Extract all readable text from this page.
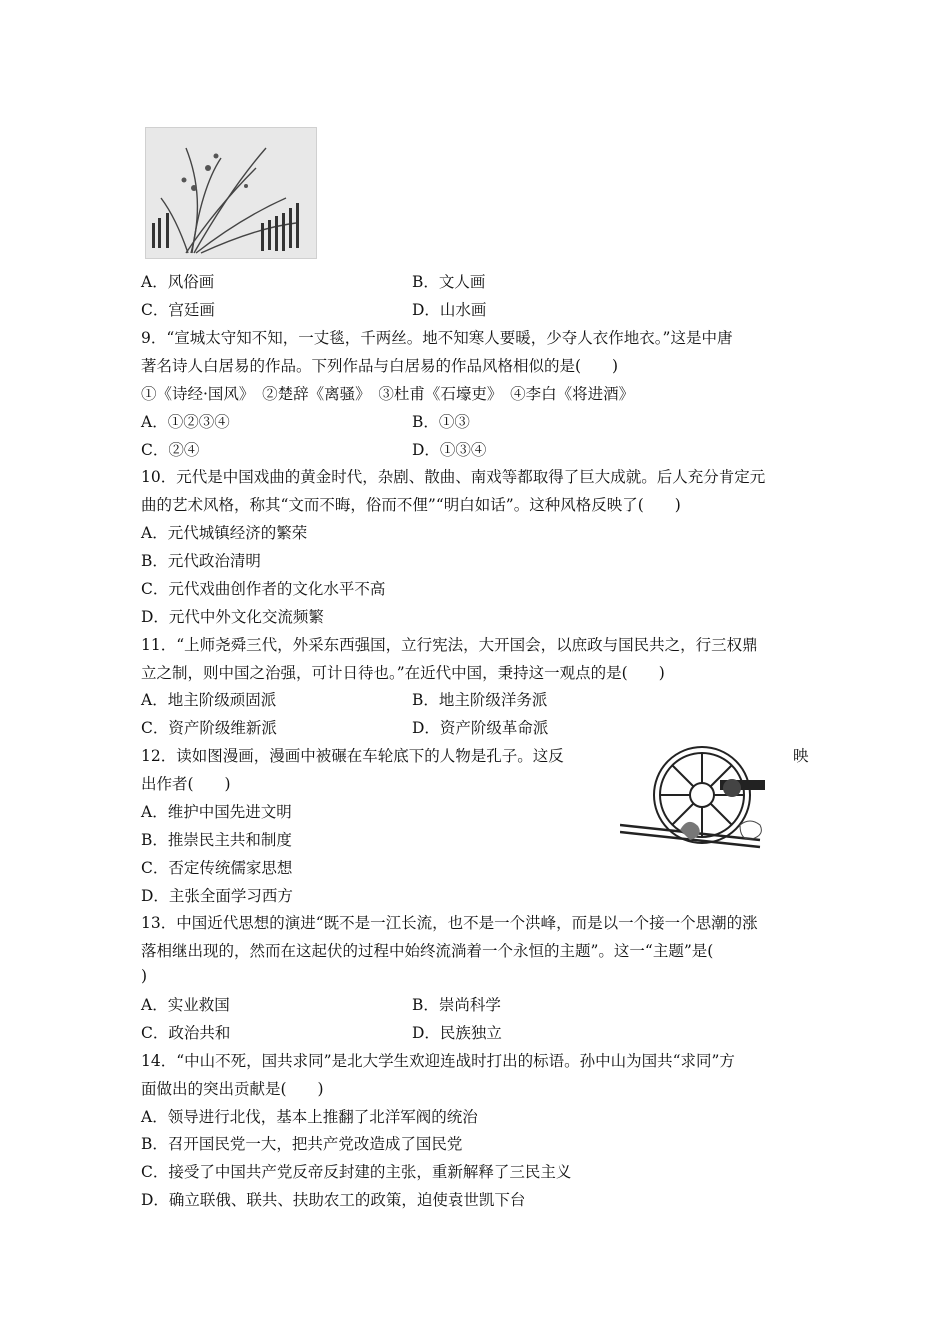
A．风俗画	B．文人画
C．宫廷画	D．山水画
9．“宣城太守知不知，一丈毯，千两丝。地不知寒人要暖，少夺人衣作地衣。”这是中唐
著名诗人白居易的作品。下列作品与白居易的作品风格相似的是(　　)
①《诗经·国风》　②楚辞《离骚》　③杜甫《石壕吏》　④李白《将进酒》
A．①②③④	B．①③
C．②④	D．①③④
10．元代是中国戏曲的黄金时代，杂剧、散曲、南戏等都取得了巨大成就。后人充分肯定元
曲的艺术风格，称其“文而不晦，俗而不俚”“明白如话”。这种风格反映了(　　)
A．元代城镇经济的繁荣
B．元代政治清明
C．元代戏曲创作者的文化水平不高
D．元代中外文化交流频繁
11．“上师尧舜三代，外采东西强国，立行宪法，大开国会，以庶政与国民共之，行三权鼎
立之制，则中国之治强，可计日待也。”在近代中国，秉持这一观点的是(　　)
A．地主阶级顽固派	B．地主阶级洋务派
C．资产阶级维新派	D．资产阶级革命派
12．读如图漫画，漫画中被碾在车轮底下的人物是孔子。这反	映
出作者(　　)
A．维护中国先进文明
B．推崇民主共和制度
C．否定传统儒家思想
D．主张全面学习西方
13．中国近代思想的演进“既不是一江长流，也不是一个洪峰，而是以一个接一个思潮的涨
落相继出现的，然而在这起伏的过程中始终流淌着一个永恒的主题”。这一“主题”是(
)
A．实业救国	B．崇尚科学
C．政治共和	D．民族独立
14．“中山不死，国共求同”是北大学生欢迎连战时打出的标语。孙中山为国共“求同”方
面做出的突出贡献是(　　)
A．领导进行北伐，基本上推翻了北洋军阀的统治
B．召开国民党一大，把共产党改造成了国民党
C．接受了中国共产党反帝反封建的主张，重新解释了三民主义
D．确立联俄、联共、扶助农工的政策，迫使袁世凯下台
